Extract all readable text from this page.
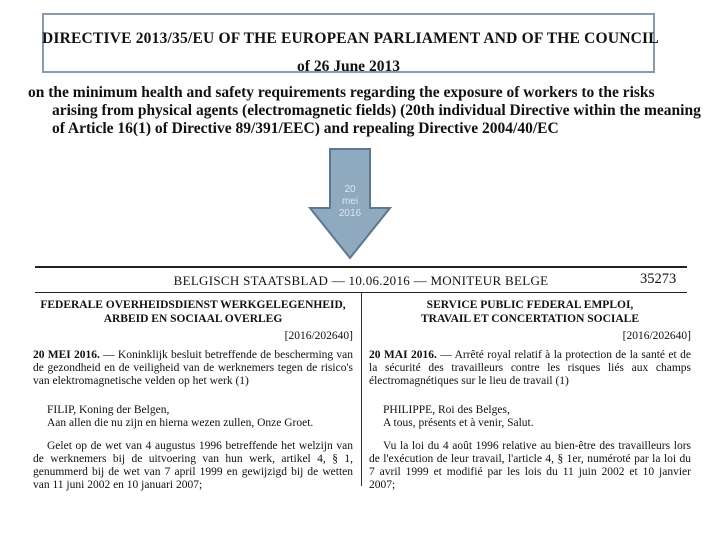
DIRECTIVE 2013/35/EU OF THE EUROPEAN PARLIAMENT AND OF THE COUNCIL
of 26 June 2013
on the minimum health and safety requirements regarding the exposure of workers to the risks
arising from physical agents (electromagnetic fields) (20th individual Directive within the meaning
of Article 16(1) of Directive 89/391/EEC) and repealing Directive 2004/40/EC
20
mei
2016
BELGISCH STAATSBLAD — 10.06.2016 — MONITEUR BELGE	35273
FEDERALE OVERHEIDSDIENST WERKGELEGENHEID,
ARBEID EN SOCIAAL OVERLEG
[2016/202640]
20 MEI 2016. — Koninklijk besluit betreffende de bescherming van de gezondheid en de veiligheid van de werknemers tegen de risico's van elektromagnetische velden op het werk (1)
FILIP, Koning der Belgen,
Aan allen die nu zijn en hierna wezen zullen, Onze Groet.
Gelet op de wet van 4 augustus 1996 betreffende het welzijn van de werknemers bij de uitvoering van hun werk, artikel 4, § 1, genummerd bij de wet van 7 april 1999 en gewijzigd bij de wetten van 11 juni 2002 en 10 januari 2007;
SERVICE PUBLIC FEDERAL EMPLOI,
TRAVAIL ET CONCERTATION SOCIALE
[2016/202640]
20 MAI 2016. — Arrêté royal relatif à la protection de la santé et de la sécurité des travailleurs contre les risques liés aux champs électromagnétiques sur le lieu de travail (1)
PHILIPPE, Roi des Belges,
A tous, présents et à venir, Salut.
Vu la loi du 4 août 1996 relative au bien-être des travailleurs lors de l'exécution de leur travail, l'article 4, § 1er, numéroté par la loi du 7 avril 1999 et modifié par les lois du 11 juin 2002 et 10 janvier 2007;
